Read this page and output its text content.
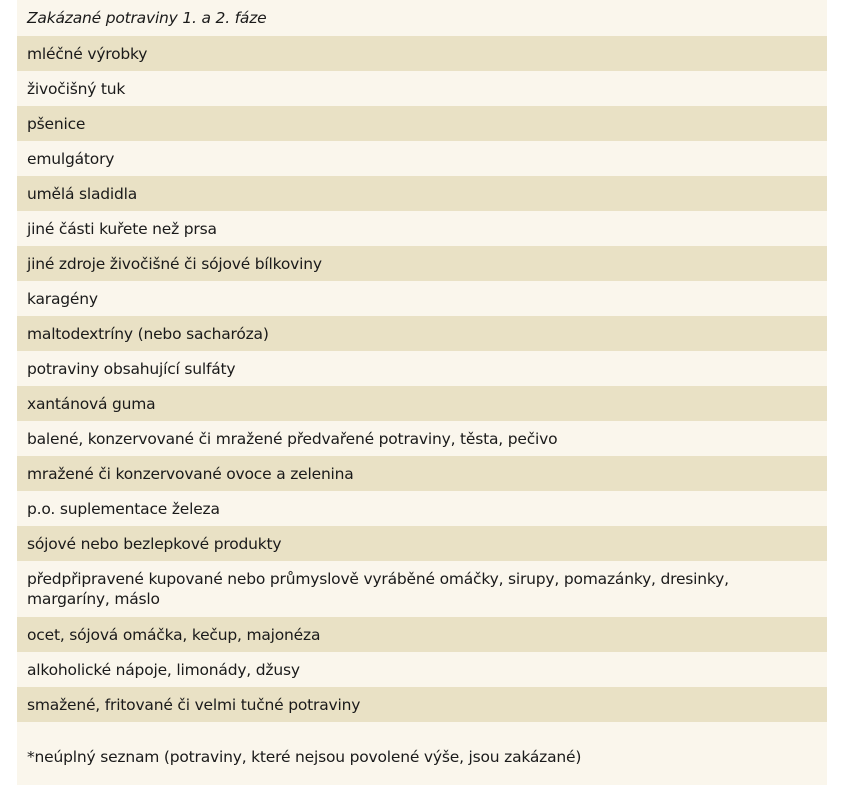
Zakázané potraviny 1. a 2. fáze
mléčné výrobky
živočišný tuk
pšenice
emulgátory
umělá sladidla
jiné části kuřete než prsa
jiné zdroje živočišné či sójové bílkoviny
karagény
maltodextríny (nebo sacharóza)
potraviny obsahující sulfáty
xantánová guma
balené, konzervované či mražené předvařené potraviny, těsta, pečivo
mražené či konzervované ovoce a zelenina
p.o. suplementace železa
sójové nebo bezlepkové produkty
předpřipravené kupované nebo průmyslově vyráběné omáčky, sirupy, pomazánky, dresinky, margaríny, máslo
ocet, sójová omáčka, kečup, majonéza
alkoholické nápoje, limonády, džusy
smažené, fritované či velmi tučné potraviny
*neúplný seznam (potraviny, které nejsou povolené výše, jsou zakázané)
